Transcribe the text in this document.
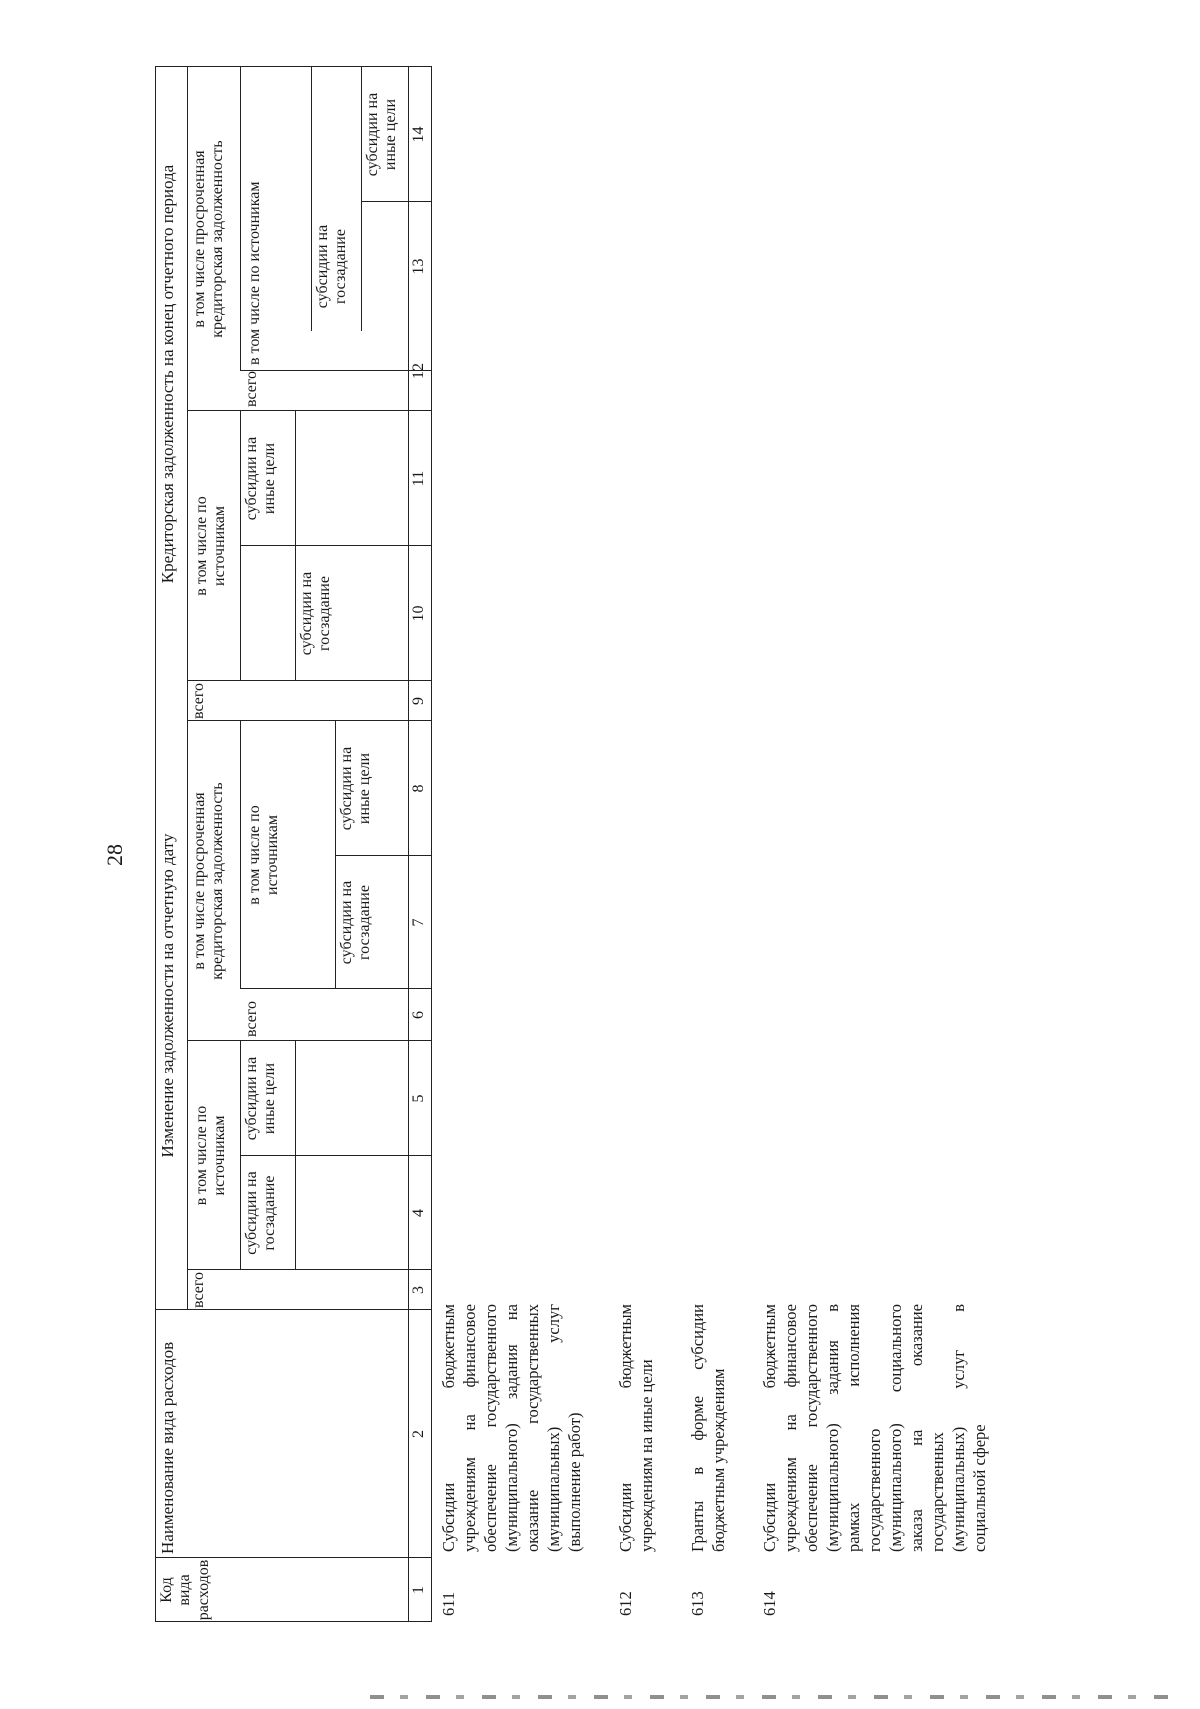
28
Код вида расходов
Наименование вида расходов
Изменение задолженности на отчетную дату
Кредиторская задолженность на конец отчетного периода
всего
в том числе по источникам
субсидии на госзадание
субсидии на иные цели
в том числе просроченная кредиторская задолженность
всего
в том числе по источникам
субсидии на госзадание
субсидии на иные цели
всего
в том числе по источникам
субсидии на госзадание
субсидии на иные цели
в том числе просроченная кредиторская задолженность
всего
в том числе по источникам	субсидии на госзадание
субсидии на иные цели
1
2
3
4
5
6
7
8
9
10
11
12
13
14
611
Субсидии бюджетным учреждениям на финансовое обеспечение государственного (муниципального) задания на оказание государственных (муниципальных) услуг (выполнение работ)
612
Субсидии бюджетным учреждениям на иные цели
613
Гранты в форме субсидии бюджетным учреждениям
614
Субсидии бюджетным учреждениям на финансовое обеспечение государственного (муниципального) задания в рамках исполнения государственного (муниципального) социального заказа на оказание государственных (муниципальных) услуг в социальной сфере
